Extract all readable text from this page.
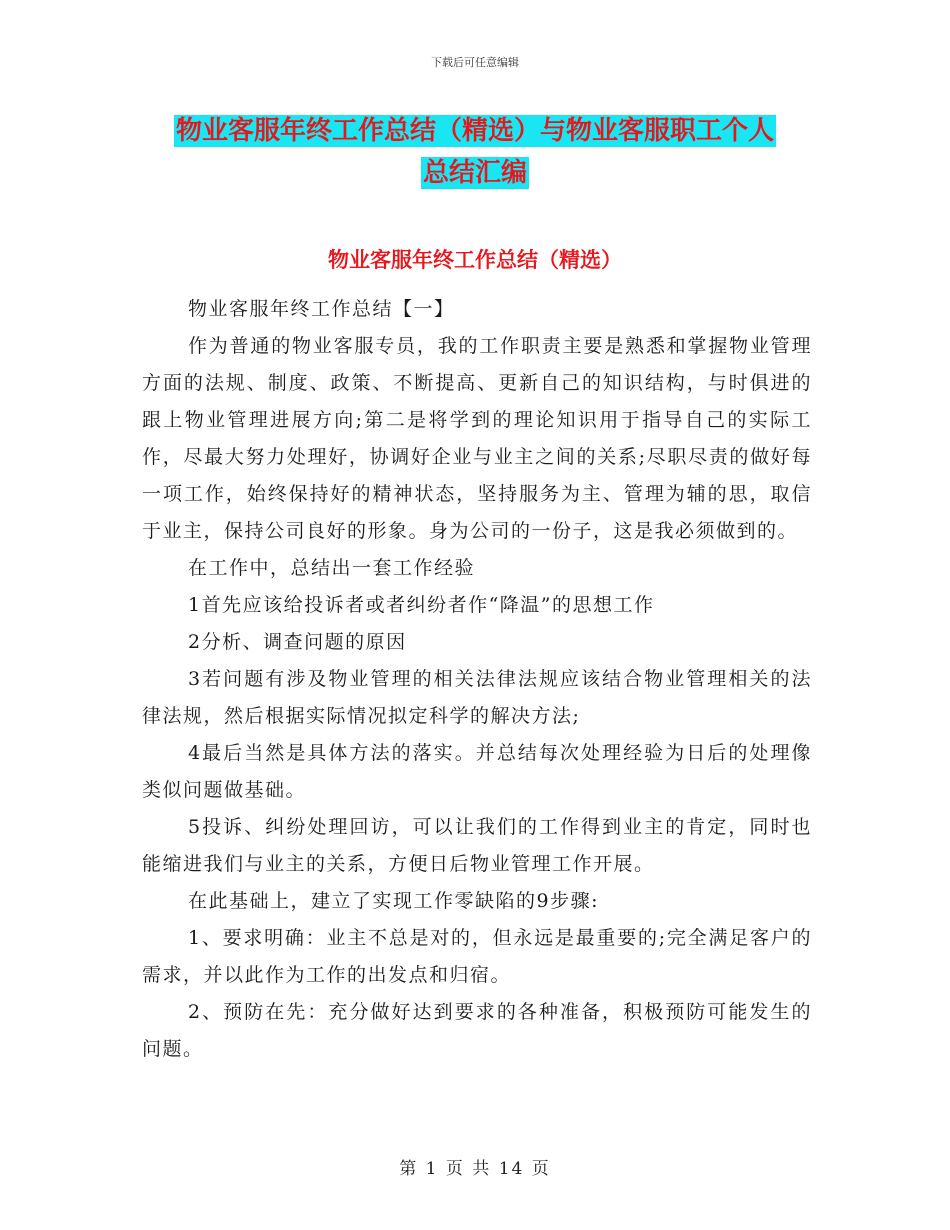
下载后可任意编辑
物业客服年终工作总结（精选）与物业客服职工个人
总结汇编
物业客服年终工作总结（精选）

物业客服年终工作总结【一】

作为普通的物业客服专员，我的工作职责主要是熟悉和掌握物业管理方面的法规、制度、政策、不断提高、更新自己的知识结构，与时俱进的跟上物业管理进展方向;第二是将学到的理论知识用于指导自己的实际工作，尽最大努力处理好，协调好企业与业主之间的关系;尽职尽责的做好每一项工作，始终保持好的精神状态，坚持服务为主、管理为辅的思，取信于业主，保持公司良好的形象。身为公司的一份子，这是我必须做到的。

在工作中，总结出一套工作经验

1首先应该给投诉者或者纠纷者作“降温”的思想工作

2分析、调查问题的原因

3若问题有涉及物业管理的相关法律法规应该结合物业管理相关的法律法规，然后根据实际情况拟定科学的解决方法;

4最后当然是具体方法的落实。并总结每次处理经验为日后的处理像类似问题做基础。

5投诉、纠纷处理回访，可以让我们的工作得到业主的肯定，同时也能缩进我们与业主的关系，方便日后物业管理工作开展。

在此基础上，建立了实现工作零缺陷的9步骤:

1、要求明确：业主不总是对的，但永远是最重要的;完全满足客户的需求，并以此作为工作的出发点和归宿。

2、预防在先：充分做好达到要求的各种准备，积极预防可能发生的问题。

第 1 页 共 14 页
